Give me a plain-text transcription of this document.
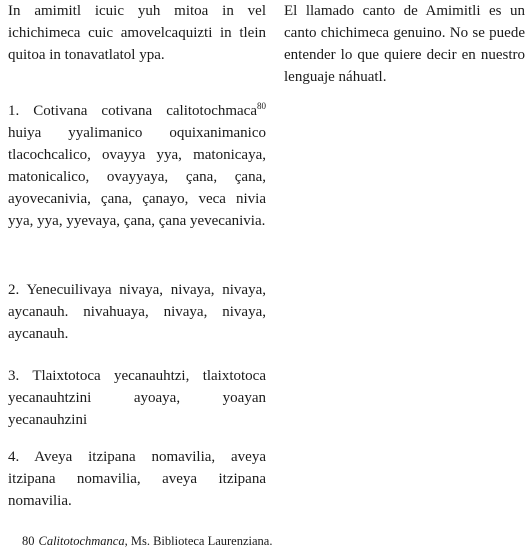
In amimitl icuic yuh mitoa in vel ichichimeca cuic amovelcaquizti in tlein quitoa in tonavatlatol ypa.

1. Cotivana cotivana calitotochmaca$^{80}$ huiya yyalimanico oquixanimanico tlacochcalico, ovayya yya, matonicaya, matonicalico, ovayyaya, çana, çana, ayovecanivia, çana, çanayo, veca nivia yya, yya, yyevaya, çana, çana yevecanivia.

2. Yenecuilivaya nivaya, nivaya, nivaya, aycanauh. nivahuaya, nivaya, nivaya, aycanauh.

3. Tlaixtotoca yecanauhtzi, tlaixtotoca yecanauhtzini ayoaya, yoayan yecanauhzini

4. Aveya itzipana nomavilia, aveya itzipana nomavilia, aveya itzipana nomavilia.

El llamado canto de Amimitli es un canto chichimeca genuino. No se puede entender lo que quiere decir en nuestro lenguaje náhuatl.

80 Calitotochmanca, Ms. Biblioteca Laurenziana.
